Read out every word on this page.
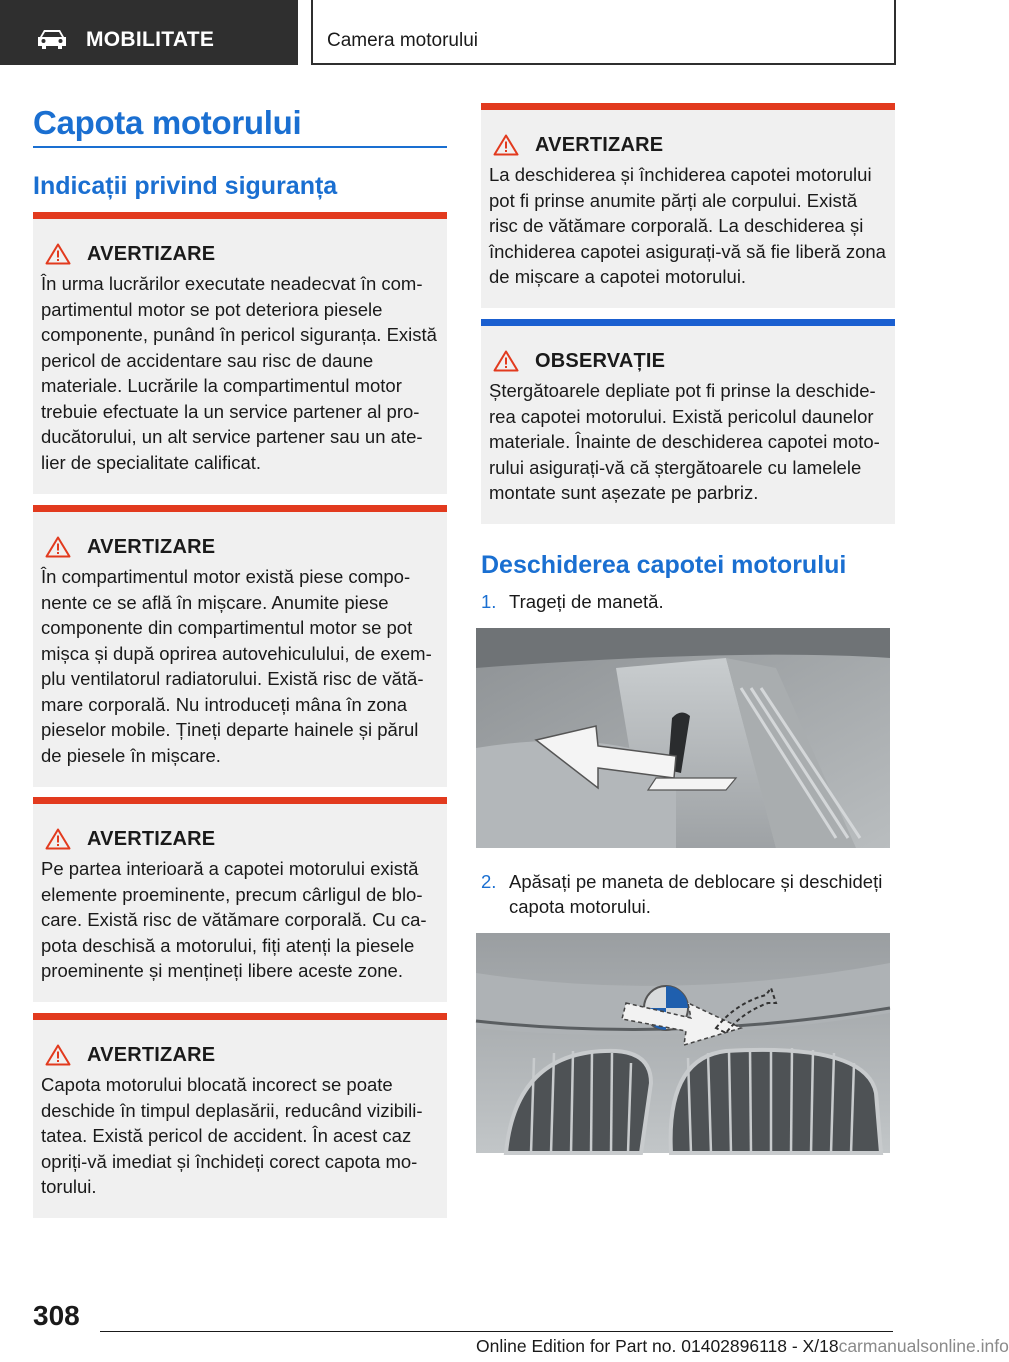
MOBILITATE	Camera motorului
Capota motorului
Indicații privind siguranța
AVERTIZARE

În urma lucrărilor executate neadecvat în com-partimentul motor se pot deteriora piesele componente, punând în pericol siguranța. Există pericol de accidentare sau risc de daune materiale. Lucrările la compartimentul motor trebuie efectuate la un service partener al pro-ducătorului, un alt service partener sau un ate-lier de specialitate calificat.

AVERTIZARE

În compartimentul motor există piese compo-nente ce se află în mișcare. Anumite piese componente din compartimentul motor se pot mișca și după oprirea autovehiculului, de exem-plu ventilatorul radiatorului. Există risc de vătă-mare corporală. Nu introduceți mâna în zona pieselor mobile. Țineți departe hainele și părul de piesele în mișcare.

AVERTIZARE

Pe partea interioară a capotei motorului există elemente proeminente, precum cârligul de blo-care. Există risc de vătămare corporală. Cu ca-pota deschisă a motorului, fiți atenți la piesele proeminente și mențineți libere aceste zone.

AVERTIZARE

Capota motorului blocată incorect se poate deschide în timpul deplasării, reducând vizibili-tatea. Există pericol de accident. În acest caz opriți-vă imediat și închideți corect capota mo-torului.

AVERTIZARE

La deschiderea și închiderea capotei motorului pot fi prinse anumite părți ale corpului. Există risc de vătămare corporală. La deschiderea și închiderea capotei asigurați-vă să fie liberă zona de mișcare a capotei motorului.

OBSERVAȚIE

Ștergătoarele depliate pot fi prinse la deschide-rea capotei motorului. Există pericolul daunelor materiale. Înainte de deschiderea capotei moto-rului asigurați-vă că ștergătoarele cu lamelele montate sunt așezate pe parbriz.

Deschiderea capotei motorului
1. Trageți de manetă.
2. Apăsați pe maneta de deblocare și deschideți capota motorului.
308
Online Edition for Part no. 01402896118 - X/18carmanualsonline.info
